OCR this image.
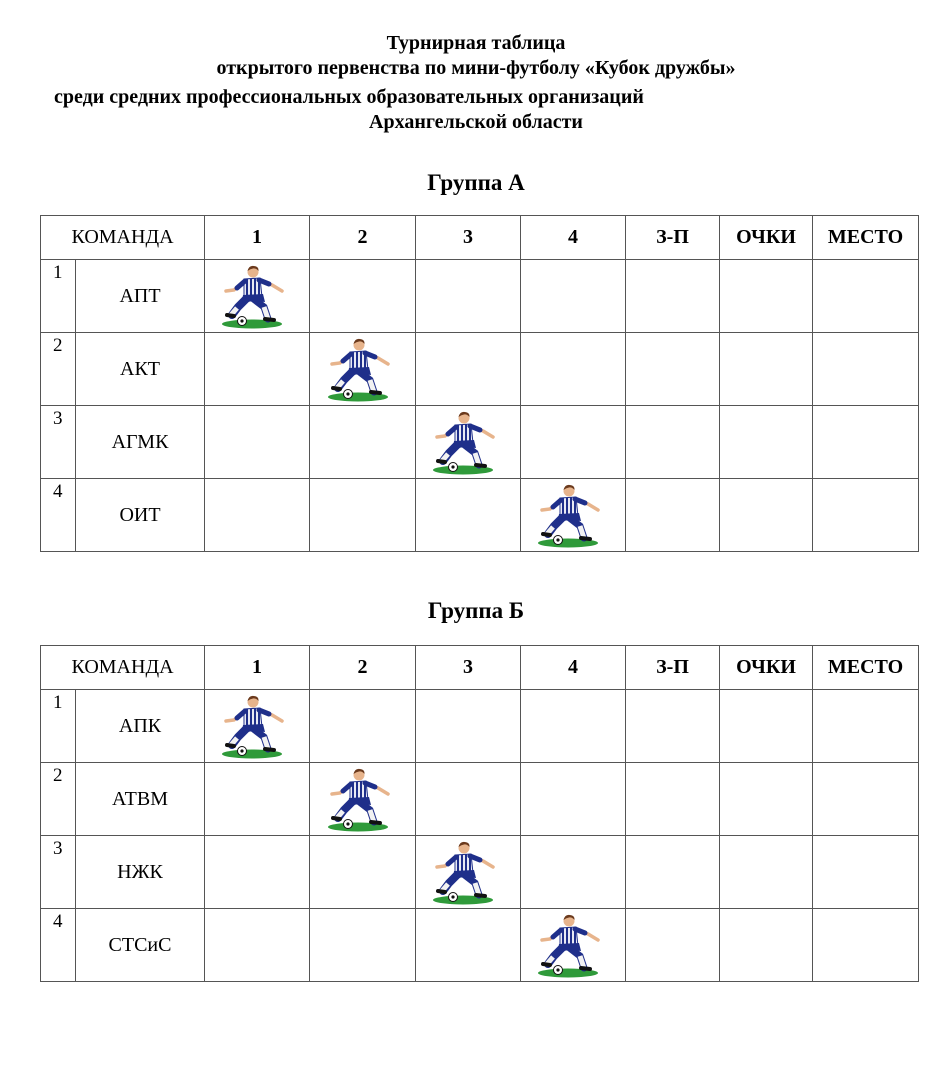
Турнирная таблица
открытого первенства по мини-футболу «Кубок дружбы»
среди средних профессиональных образовательных организаций
Архангельской области
Группа А
КОМАНДА		1	2	3	4	З-П	ОЧКИ	МЕСТО
1	АПТ	

2	АКТ		

3	АГМК			

4	ОИТ				

Группа Б
КОМАНДА		1	2	3	4	З-П	ОЧКИ	МЕСТО
1	АПК	

2	АТВМ		

3	НЖК			

4	СТСиС				
